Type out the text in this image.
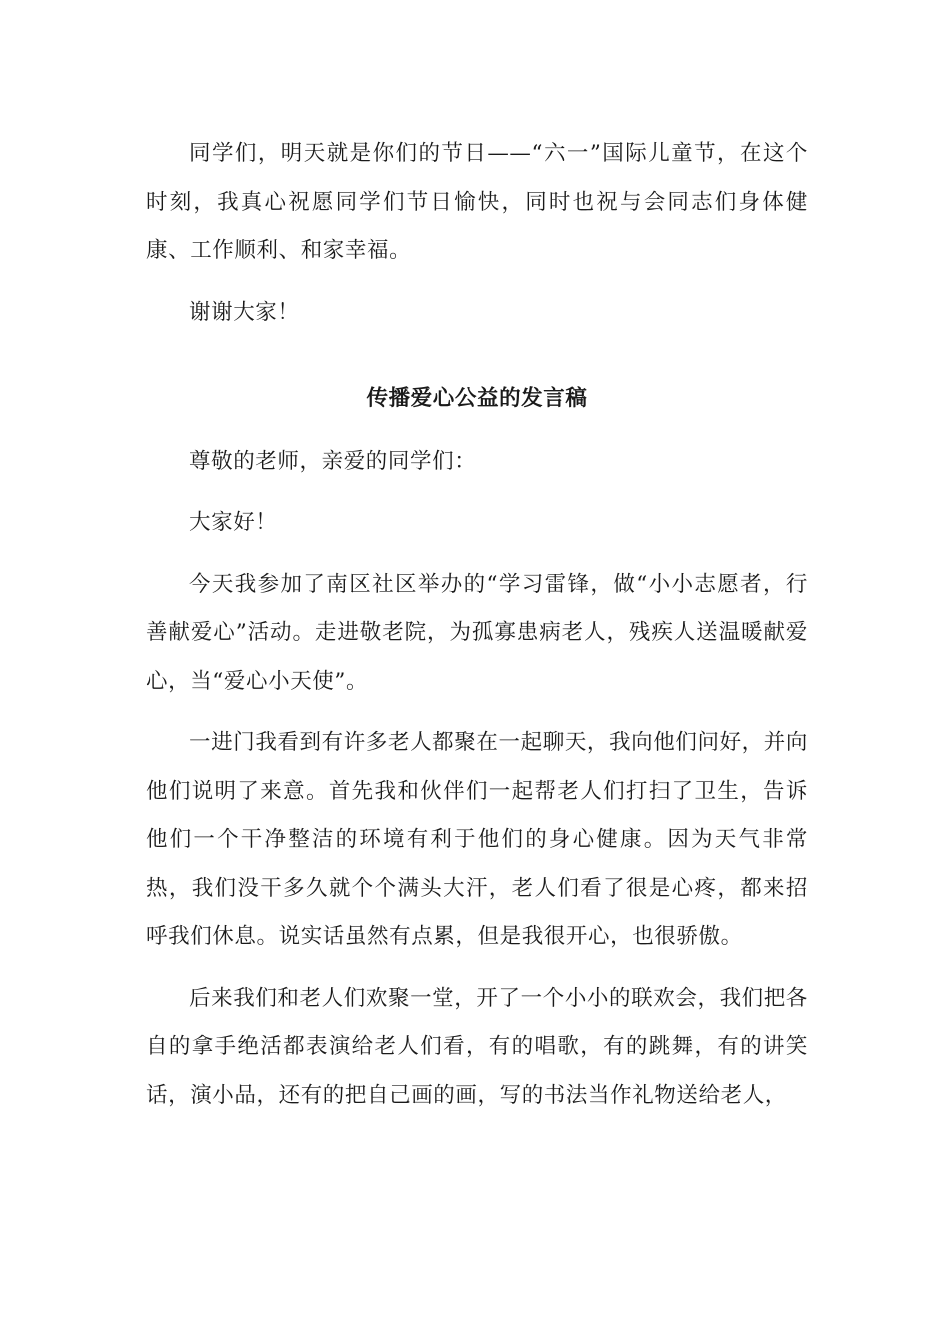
同学们，明天就是你们的节日——“六一”国际儿童节，在这个时刻，我真心祝愿同学们节日愉快，同时也祝与会同志们身体健康、工作顺利、和家幸福。

谢谢大家！

传播爱心公益的发言稿

尊敬的老师，亲爱的同学们：

大家好！

今天我参加了南区社区举办的“学习雷锋，做“小小志愿者，行善献爱心”活动。走进敬老院，为孤寡患病老人，残疾人送温暖献爱心，当“爱心小天使”。

一进门我看到有许多老人都聚在一起聊天，我向他们问好，并向他们说明了来意。首先我和伙伴们一起帮老人们打扫了卫生，告诉他们一个干净整洁的环境有利于他们的身心健康。因为天气非常热，我们没干多久就个个满头大汗，老人们看了很是心疼，都来招呼我们休息。说实话虽然有点累，但是我很开心，也很骄傲。

后来我们和老人们欢聚一堂，开了一个小小的联欢会，我们把各自的拿手绝活都表演给老人们看，有的唱歌，有的跳舞，有的讲笑话，演小品，还有的把自己画的画，写的书法当作礼物送给老人，
